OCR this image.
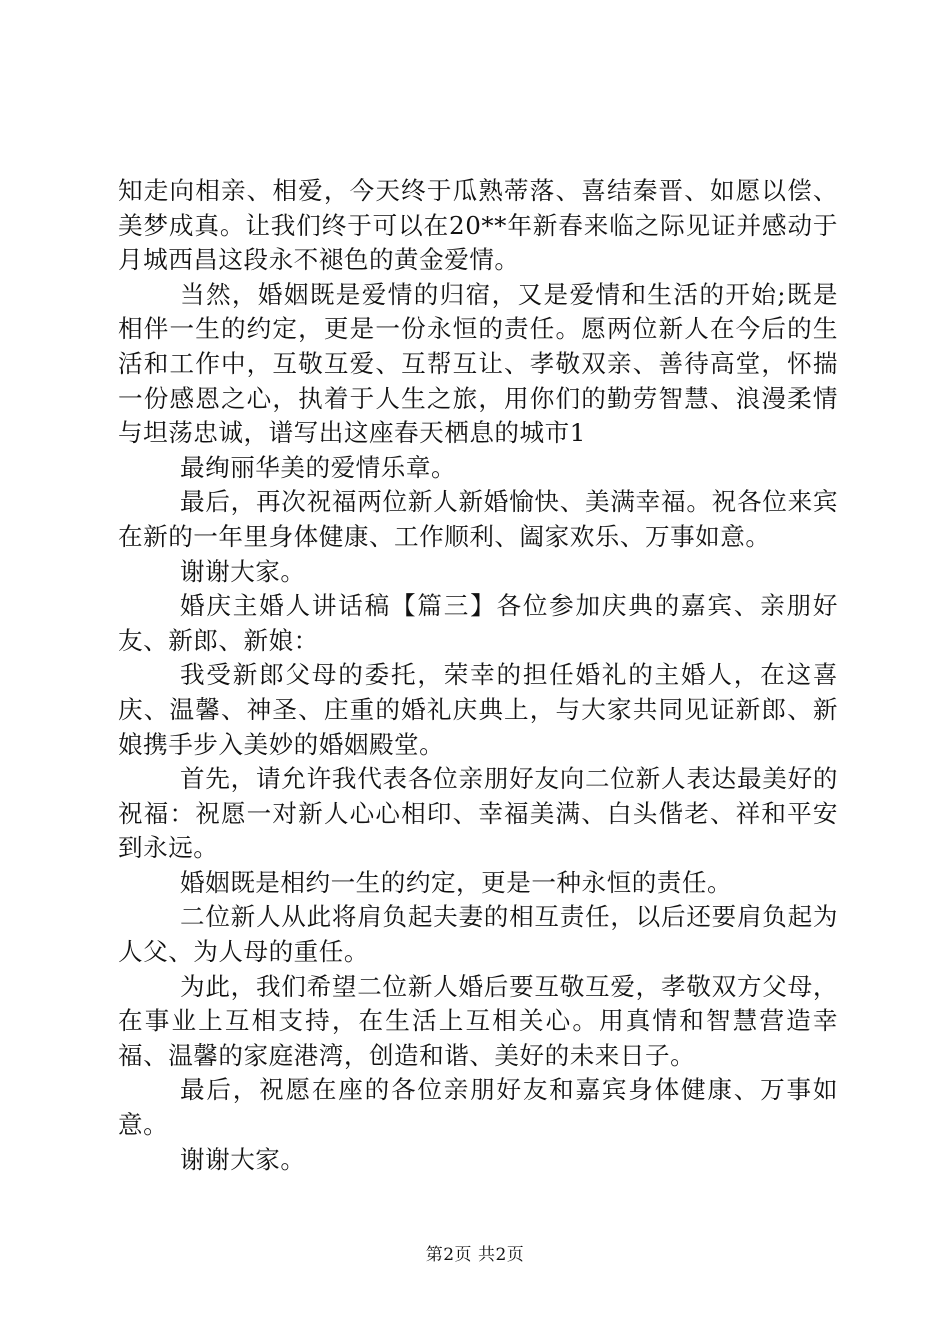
知走向相亲、相爱，今天终于瓜熟蒂落、喜结秦晋、如愿以偿、美梦成真。让我们终于可以在20**年新春来临之际见证并感动于月城西昌这段永不褪色的黄金爱情。

当然，婚姻既是爱情的归宿，又是爱情和生活的开始;既是相伴一生的约定，更是一份永恒的责任。愿两位新人在今后的生活和工作中，互敬互爱、互帮互让、孝敬双亲、善待高堂，怀揣一份感恩之心，执着于人生之旅，用你们的勤劳智慧、浪漫柔情与坦荡忠诚，谱写出这座春天栖息的城市1

最绚丽华美的爱情乐章。

最后，再次祝福两位新人新婚愉快、美满幸福。祝各位来宾在新的一年里身体健康、工作顺利、阖家欢乐、万事如意。

谢谢大家。

婚庆主婚人讲话稿【篇三】各位参加庆典的嘉宾、亲朋好友、新郎、新娘：

我受新郎父母的委托，荣幸的担任婚礼的主婚人，在这喜庆、温馨、神圣、庄重的婚礼庆典上，与大家共同见证新郎、新娘携手步入美妙的婚姻殿堂。

首先，请允许我代表各位亲朋好友向二位新人表达最美好的祝福：祝愿一对新人心心相印、幸福美满、白头偕老、祥和平安到永远。

婚姻既是相约一生的约定，更是一种永恒的责任。

二位新人从此将肩负起夫妻的相互责任，以后还要肩负起为人父、为人母的重任。

为此，我们希望二位新人婚后要互敬互爱，孝敬双方父母，在事业上互相支持，在生活上互相关心。用真情和智慧营造幸福、温馨的家庭港湾，创造和谐、美好的未来日子。

最后，祝愿在座的各位亲朋好友和嘉宾身体健康、万事如意。

谢谢大家。

第2页 共2页
